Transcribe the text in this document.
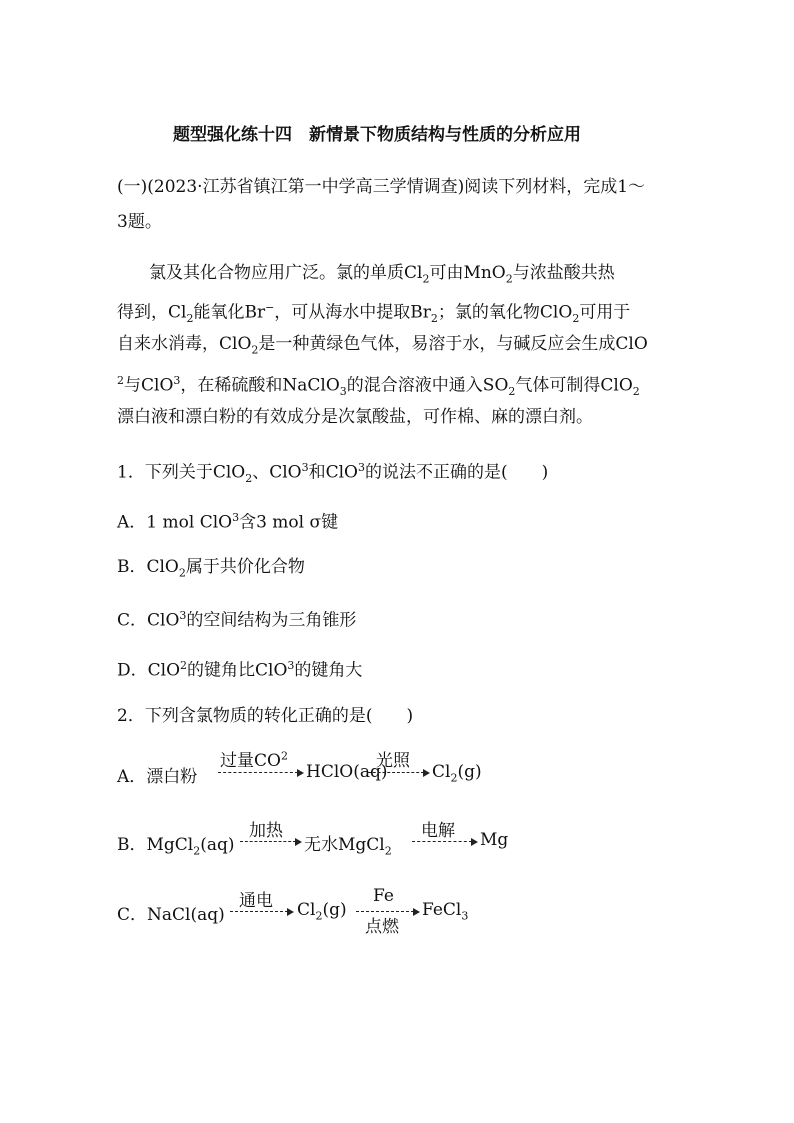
题型强化练十四　新情景下物质结构与性质的分析应用
(一)(2023·江苏省镇江第一中学高三学情调查)阅读下列材料，完成1～
3题。
氯及其化合物应用广泛。氯的单质$Cl_2$可由MnO$_2$与浓盐酸共热
得到，$Cl_2$能氧化Br−，可从海水中提取$Br_2$；氯的氧化物ClO$_2$可用于
自来水消毒，ClO$_2$是一种黄绿色气体，易溶于水，与碱反应会生成ClO
$^2$与ClO$^3$，在稀硫酸和NaClO$_3$的混合溶液中通入$SO_2$气体可制得ClO$_2$
漂白液和漂白粉的有效成分是次氯酸盐，可作棉、麻的漂白剂。
1．下列关于ClO$_2$、ClO$^3$和ClO$^3$的说法不正确的是(　　)
A．1 mol ClO$^3$含3 mol σ键
B．ClO$_2$属于共价化合物
C．ClO$^3$的空间结构为三角锥形
D．ClO$^2$的键角比ClO$^3$的键角大
2．下列含氯物质的转化正确的是(　　)
A．漂白粉
过量$CO^2$
HClO(aq)
光照
→ $Cl_2(g)$
B．MgCl$_2$(aq)
加热
→ 无水MgCl$_2$
电解 → Mg
C．NaCl(aq)
通电 → $Cl_2(g)$
Fe
点燃
FeCl$_3$
